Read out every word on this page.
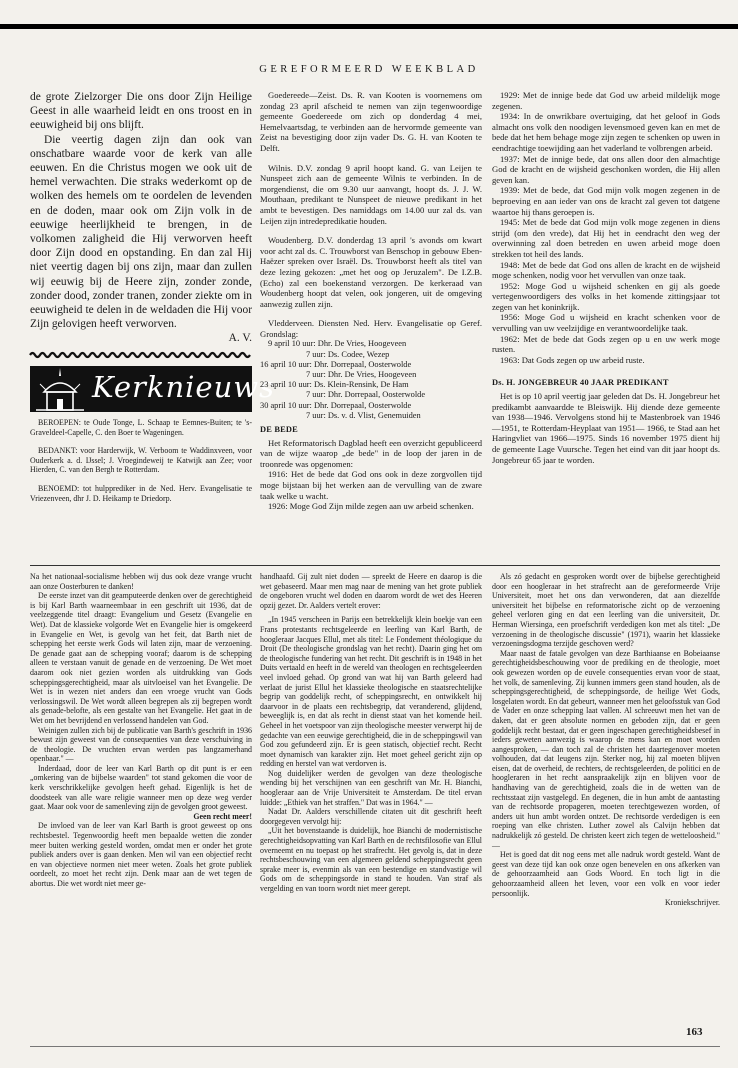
GEREFORMEERD WEEKBLAD

de grote Zielzorger Die ons door Zijn Heilige Geest in alle waarheid leidt en ons troost en in eeuwigheid bij ons blijft.

Die veertig dagen zijn dan ook van onschatbare waarde voor de kerk van alle eeuwen. En die Christus mogen we ook uit de hemel verwachten. Die straks wederkomt op de wolken des hemels om te oordelen de levenden en de doden, maar ook om Zijn volk in de eeuwige heerlijkheid te brengen, in de volkomen zaligheid die Hij verworven heeft door Zijn dood en opstanding. En dan zal Hij niet veertig dagen bij ons zijn, maar dan zullen wij eeuwig bij de Heere zijn, zonder zonde, zonder dood, zonder tranen, zonder ziekte om in eeuwigheid te delen in de weldaden die Hij voor Zijn gelovigen heeft verworven.

A. V.

Kerknieuws

BEROEPEN: te Oude Tonge, L. Schaap te Eemnes-Buiten; te 's-Graveldeel-Capelle, C. den Boer te Wageningen.

BEDANKT: voor Harderwijk, W. Verboom te Waddinxveen, voor Ouderkerk a. d. IJssel; J. Vroegindeweij te Katwijk aan Zee; voor Hierden, C. van den Bergh te Rotterdam.

BENOEMD: tot hulpprediker in de Ned. Herv. Evangelisatie te Vriezenveen, dhr J. D. Heikamp te Driedorp.

Goedereede—Zeist. Ds. R. van Kooten is voornemens om zondag 23 april afscheid te nemen van zijn tegenwoordige gemeente Goedereede om zich op donderdag 4 mei, Hemelvaartsdag, te verbinden aan de hervormde gemeente van Zeist na bevestiging door zijn vader Ds. G. H. van Kooten te Delft.

Wilnis. D.V. zondag 9 april hoopt kand. G. van Leijen te Nunspeet zich aan de gemeente Wilnis te verbinden. In de morgendienst, die om 9.30 uur aanvangt, hoopt ds. J. J. W. Mouthaan, predikant te Nunspeet de nieuwe predikant in het ambt te bevestigen. Des namiddags om 14.00 uur zal ds. van Leijen zijn intredepredikatie houden.

Woudenberg. D.V. donderdag 13 april 's avonds om kwart voor acht zal ds. C. Trouwborst van Benschop in gebouw Eben-Haëzer spreken over Israël. Ds. Trouwborst heeft als titel van deze lezing gekozen: „met het oog op Jeruzalem". De I.Z.B. (Echo) zal een boekenstand verzorgen. De kerkeraad van Woudenberg hoopt dat velen, ook jongeren, uit de omgeving aanwezig zullen zijn.

Vledderveen. Diensten Ned. Herv. Evangelisatie op Geref. Grondslag:

9 april 10 uur: Dhr. De Vries, Hoogeveen
7 uur: Ds. Codee, Wezep
16 april 10 uur: Dhr. Dorrepaal, Oosterwolde
7 uur: Dhr. De Vries, Hoogeveen
23 april 10 uur: Ds. Klein-Rensink, De Ham
7 uur: Dhr. Dorrepaal, Oosterwolde
30 april 10 uur: Dhr. Dorrepaal, Oosterwolde
7 uur: Ds. v. d. Vlist, Genemuiden
DE BEDE

Het Reformatorisch Dagblad heeft een overzicht gepubliceerd van de wijze waarop „de bede" in de loop der jaren in de troonrede was opgenomen:

1916: Het de bede dat God ons ook in deze zorgvollen tijd moge bijstaan bij het werken aan de vervulling van de zware taak welke u wacht.

1926: Moge God Zijn milde zegen aan uw arbeid schenken.

1929: Met de innige bede dat God uw arbeid mildelijk moge zegenen.

1934: In de onwrikbare overtuiging, dat het geloof in Gods almacht ons volk den noodigen levensmoed geven kan en met de bede dat het hem behage moge zijn zegen te schenken op uwen in eendrachtige toewijding aan het vaderland te volbrengen arbeid.

1937: Met de innige bede, dat ons allen door den almachtige God de kracht en de wijsheid geschonken worden, die Hij allen geven kan.

1939: Met de bede, dat God mijn volk mogen zegenen in de beproeving en aan ieder van ons de kracht zal geven tot datgene waartoe hij thans geroepen is.

1945: Met de bede dat God mijn volk moge zegenen in diens strijd (om den vrede), dat Hij het in eendracht den weg der overwinning zal doen betreden en uwen arbeid moge doen strekken tot heil des lands.

1948: Met de bede dat God ons allen de kracht en de wijsheid moge schenken, nodig voor het vervullen van onze taak.

1952: Moge God u wijsheid schenken en gij als goede vertegenwoordigers des volks in het komende zittingsjaar tot zegen van het koninkrijk.

1956: Moge God u wijsheid en kracht schenken voor de vervulling van uw veelzijdige en verantwoordelijke taak.

1962: Met de bede dat Gods zegen op u en uw werk moge rusten.

1963: Dat Gods zegen op uw arbeid ruste.

Ds. H. JONGEBREUR 40 JAAR PREDIKANT

Het is op 10 april veertig jaar geleden dat Ds. H. Jongebreur het predikambt aanvaardde te Bleiswijk. Hij diende deze gemeente van 1938—1946. Vervolgens stond hij te Mastenbroek van 1946—1951, te Rotterdam-Heyplaat van 1951— 1966, te Stad aan het Haringvliet van 1966—1975. Sinds 16 november 1975 dient hij de gemeente Lage Vuursche. Tegen het eind van dit jaar hoopt ds. Jongebreur 65 jaar te worden.

Na het nationaal-socialisme hebben wij dus ook deze vrange vrucht aan onze Oosterburen te danken!

De eerste inzet van dit geamputeerde denken over de gerechtigheid is bij Karl Barth waarneembaar in een geschrift uit 1936, dat de veelzeggende titel draagt: Evangelium und Gesetz (Evangelie en Wet). Dat de klassieke volgorde Wet en Evangelie hier is omgekeerd in Evangelie en Wet, is gevolg van het feit, dat Barth niet de schepping het eerste werk Gods wil laten zijn, maar de verzoening. De genade gaat aan de schepping vooraf; daarom is de schepping alleen te verstaan vanuit de genade en de verzoening. De Wet moet daarom ook niet gezien worden als uitdrukking van Gods scheppingsgerechtigheid, maar als uitvloeisel van het Evangelie. De Wet is in wezen niet anders dan een vroege vrucht van Gods verlossingswil. De Wet wordt alleen begrepen als zij begrepen wordt als genade-belofte, als een gestalte van het Evangelie. Het gaat in de Wet om het bevrijdend en verlossend handelen van God.

Weinigen zullen zich bij de publicatie van Barth's geschrift in 1936 bewust zijn geweest van de consequenties van deze verschuiving in de theologie. De vruchten ervan werden pas langzamerhand openbaar." —

Inderdaad, door de leer van Karl Barth op dit punt is er een „omkering van de bijbelse waarden" tot stand gekomen die voor de kerk verschrikkelijke gevolgen heeft gehad. Eigenlijk is het de doodsteek van alle ware religie wanneer men op deze weg verder gaat. Maar ook voor de samenleving zijn de gevolgen groot geweest.

Geen recht meer!

De invloed van de leer van Karl Barth is groot geweest op ons rechtsbestel. Tegenwoordig heeft men bepaalde wetten die zonder meer buiten werking gesteld worden, omdat men er onder het grote publiek anders over is gaan denken. Men wil van een objectief recht en van objectieve normen niet meer weten. Zoals het grote publiek oordeelt, zo moet het recht zijn. Denk maar aan de wet tegen de abortus. Die wet wordt niet meer ge-

handhaafd. Gij zult niet doden — spreekt de Heere en daarop is die wet gebaseerd. Maar men mag naar de mening van het grote publiek de ongeboren vrucht wel doden en daarom wordt de wet des Heeren opzij gezet. Dr. Aalders vertelt erover:

„In 1945 verscheen in Parijs een betrekkelijk klein boekje van een Frans protestants rechtsgeleerde en leerling van Karl Barth, de hoogleraar Jacques Ellul, met als titel: Le Fondement théologique du Droit (De theologische grondslag van het recht). Daarin ging het om de theologische fundering van het recht. Dit geschrift is in 1948 in het Duits vertaald en heeft in de wereld van theologen en rechtsgeleerden veel invloed gehad. Op grond van wat hij van Barth geleerd had verlaat de jurist Ellul het klassieke theologische en staatsrechtelijke begrip van goddelijk recht, of scheppingsrecht, en ontwikkelt hij daarvoor in de plaats een rechtsbegrip, dat veranderend, glijdend, beweeglijk is, en dat als recht in dienst staat van het komende heil. Geheel in het voetspoor van zijn theologische meester verwerpt hij de gedachte van een eeuwige gerechtigheid, die in de scheppingswil van God zou gefundeerd zijn. Er is geen statisch, objectief recht. Recht moet dynamisch van karakter zijn. Het moet geheel gericht zijn op redding en herstel van wat verdorven is.

Nog duidelijker werden de gevolgen van deze theologische wending bij het verschijnen van een geschrift van Mr. H. Bianchi, hoogleraar aan de Vrije Universiteit te Amsterdam. De titel ervan luidde: „Ethiek van het straffen." Dat was in 1964." —

Nadat Dr. Aalders verschillende citaten uit dit geschrift heeft doorgegeven vervolgt hij:

„Uit het bovenstaande is duidelijk, hoe Bianchi de modernistische gerechtigheidsopvatting van Karl Barth en de rechtsfilosofie van Ellul overneemt en nu toepast op het strafrecht. Het gevolg is, dat in deze rechtsbeschouwing van een algemeen geldend scheppingsrecht geen sprake meer is, evenmin als van een bestendige en standvastige wil Gods om de scheppingsorde in stand te houden. Van straf als vergelding en van toorn wordt niet meer gerept.

Als zó gedacht en gesproken wordt over de bijbelse gerechtigheid door een hoogleraar in het strafrecht aan de gereformeerde Vrije Universiteit, moet het ons dan verwonderen, dat aan diezelfde universiteit het bijbelse en reformatorische zicht op de verzoening geheel verloren ging en dat een leerling van die universiteit, Dr. Herman Wiersinga, een proefschrift verdedigen kon met als titel: „De verzoening in de theologische discussie" (1971), waarin het klassieke verzoeningsdogma terzijde geschoven werd?

Maar naast de fatale gevolgen van deze Barthiaanse en Bobeiaanse gerechtigheidsbeschouwing voor de prediking en de theologie, moet ook gewezen worden op de euvele consequenties ervan voor de staat, het volk, de samenleving. Zij kunnen immers geen stand houden, als de scheppingsgerechtigheid, de scheppingsorde, de heilige Wet Gods, losgelaten wordt. En dat gebeurt, wanneer men het geloofsstuk van God de Vader en onze schepping laat vallen. Al schreeuwt men het van de daken, dat er geen absolute normen en geboden zijn, dat er geen goddelijk recht bestaat, dat er geen ingeschapen gerechtigheidsbesef in ieders geweten aanwezig is waarop de mens kan en moet worden aangesproken, — dan toch zal de christen het daartegenover moeten volhouden, dat dat leugens zijn. Sterker nog, hij zal moeten blijven eisen, dat de overheid, de rechters, de rechtsgeleerden, de politici en de hoogleraren in het recht aanspraakelijk zijn en blijven voor de handhaving van de gerechtigheid, zoals die in de wetten van de rechtsstaat zijn vastgelegd. En degenen, die in hun ambt de aantasting van de rechtsorde propageren, moeten terechtgewezen worden, of anders uit hun ambt worden ontzet. De rechtsorde verdedigen is een roeping van elke christen. Luther zowel als Calvijn hebben dat nadrukkelijk zó gesteld. De christen keert zich tegen de wetteloosheid." —

Het is goed dat dit nog eens met alle nadruk wordt gesteld. Want de geest van deze tijd kan ook onze ogen benevelen en ons afkerken van de gehoorzaamheid aan Gods Woord. En toch ligt in die gehoorzaamheid alleen het leven, voor een volk en voor ieder persoonlijk.

Kroniekschrijver.

163
